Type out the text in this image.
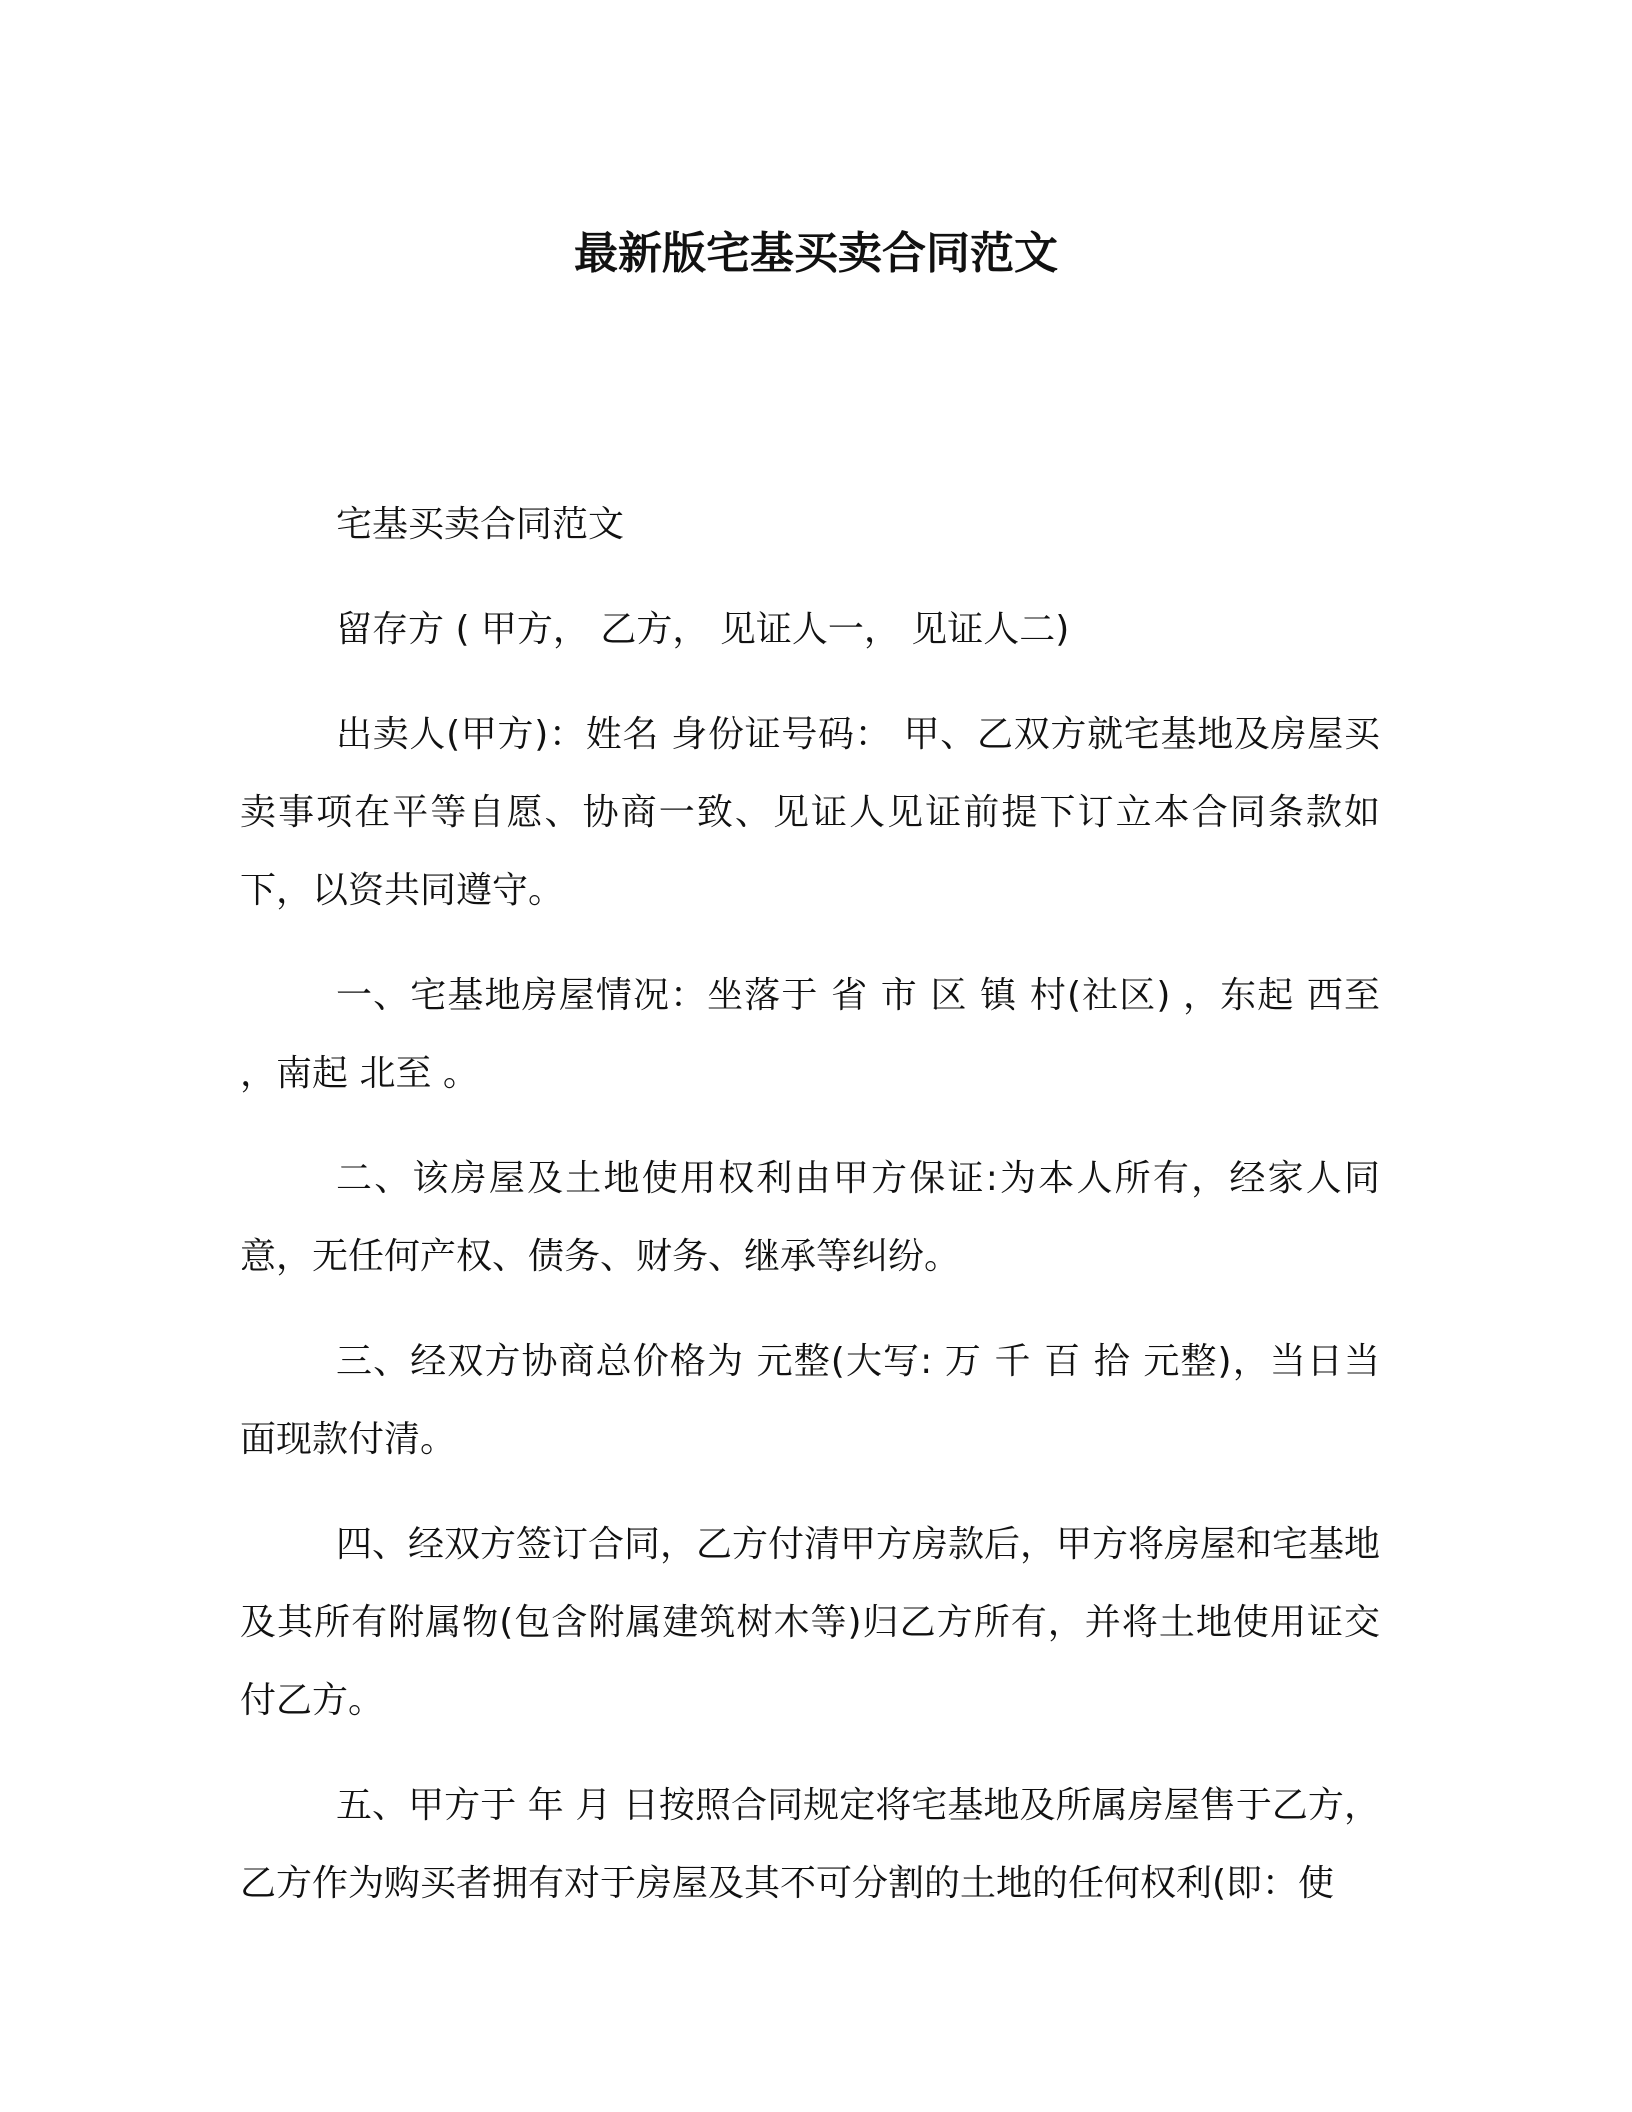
最新版宅基买卖合同范文

宅基买卖合同范文

留存方 ( 甲方， 乙方， 见证人一， 见证人二)

出卖人(甲方)：姓名 身份证号码： 甲、乙双方就宅基地及房屋买卖事项在平等自愿、协商一致、见证人见证前提下订立本合同条款如下，以资共同遵守。

一、宅基地房屋情况：坐落于 省 市 区 镇 村(社区) ，东起 西至 ，南起 北至 。

二、该房屋及土地使用权利由甲方保证:为本人所有，经家人同意，无任何产权、债务、财务、继承等纠纷。

三、经双方协商总价格为 元整(大写: 万 千 百 拾 元整)，当日当面现款付清。

四、经双方签订合同，乙方付清甲方房款后，甲方将房屋和宅基地及其所有附属物(包含附属建筑树木等)归乙方所有，并将土地使用证交付乙方。

五、甲方于 年 月 日按照合同规定将宅基地及所属房屋售于乙方，乙方作为购买者拥有对于房屋及其不可分割的土地的任何权利(即：使
